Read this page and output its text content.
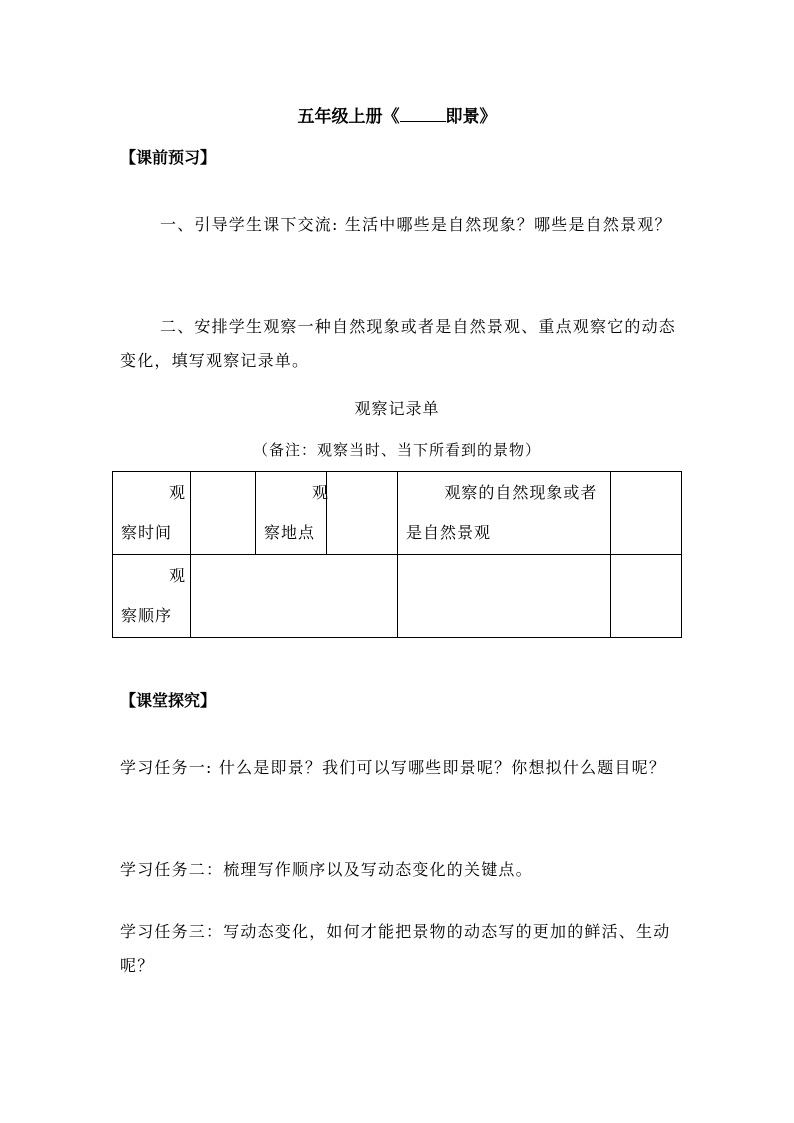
五年级上册《	即景》
【课前预习】
一、引导学生课下交流: 生活中哪些是自然现象？哪些是自然景观？
二、安排学生观察一种自然现象或者是自然景观、重点观察它的动态变化，填写观察记录单。
观察记录单
（备注：观察当时、当下所看到的景物）
观察时间		观察地点		观察的自然现象或者是自然景观	

观察顺序					

【课堂探究】
学习任务一: 什么是即景？我们可以写哪些即景呢？你想拟什么题目呢？
学习任务二：梳理写作顺序以及写动态变化的关键点。
学习任务三：写动态变化，如何才能把景物的动态写的更加的鲜活、生动呢？
